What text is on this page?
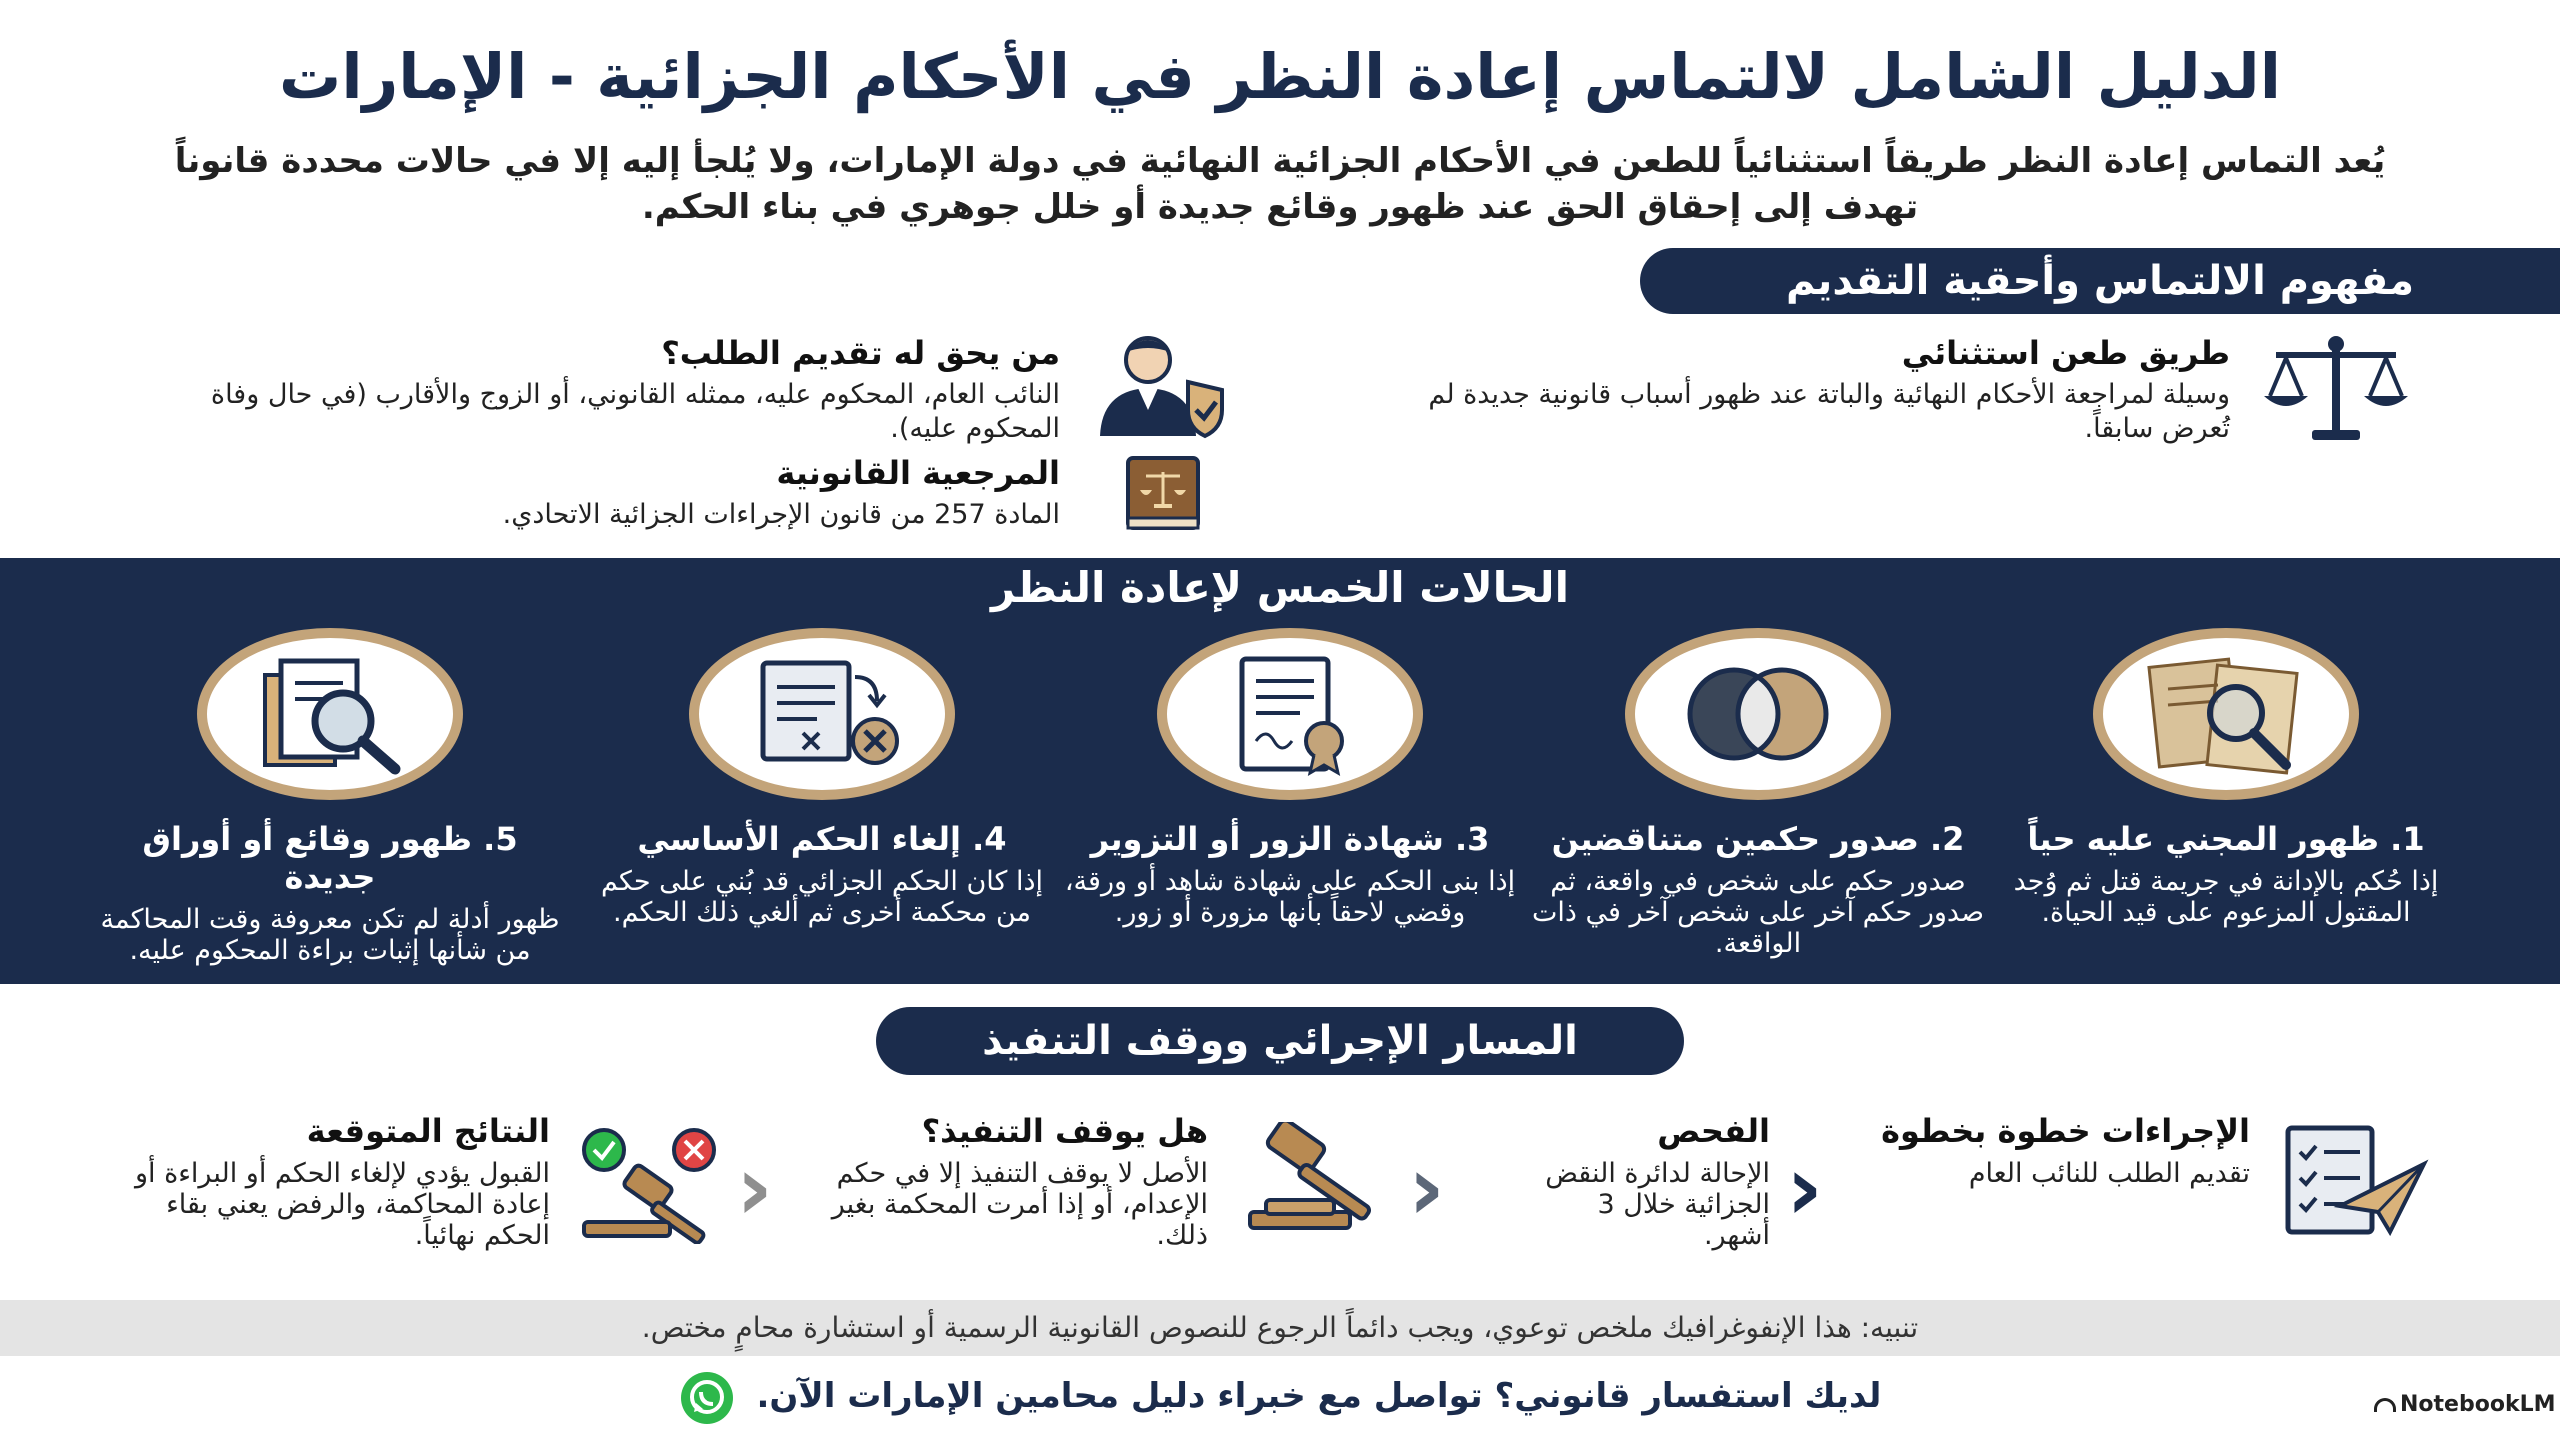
الدليل الشامل لالتماس إعادة النظر في الأحكام الجزائية - الإمارات

يُعد التماس إعادة النظر طريقاً استثنائياً للطعن في الأحكام الجزائية النهائية في دولة الإمارات، ولا يُلجأ إليه إلا في حالات محددة قانوناً تهدف إلى إحقاق الحق عند ظهور وقائع جديدة أو خلل جوهري في بناء الحكم.

مفهوم الالتماس وأحقية التقديم
طريق طعن استثنائي
وسيلة لمراجعة الأحكام النهائية والباتة عند ظهور أسباب قانونية جديدة لم تُعرض سابقاً.
من يحق له تقديم الطلب؟
النائب العام، المحكوم عليه، ممثله القانوني، أو الزوج والأقارب (في حال وفاة المحكوم عليه).
المرجعية القانونية
المادة 257 من قانون الإجراءات الجزائية الاتحادي.
الحالات الخمس لإعادة النظر
1. ظهور المجني عليه حياً
إذا حُكم بالإدانة في جريمة قتل ثم وُجد المقتول المزعوم على قيد الحياة.
2. صدور حكمين متناقضين
صدور حكم على شخص في واقعة، ثم صدور حكم آخر على شخص آخر في ذات الواقعة.
3. شهادة الزور أو التزوير
إذا بنى الحكم على شهادة شاهد أو ورقة، وقضي لاحقاً بأنها مزورة أو زور.
4. إلغاء الحكم الأساسي
إذا كان الحكم الجزائي قد بُني على حكم من محكمة أخرى ثم ألغي ذلك الحكم.
5. ظهور وقائع أو أوراق جديدة
ظهور أدلة لم تكن معروفة وقت المحاكمة من شأنها إثبات براءة المحكوم عليه.
المسار الإجرائي ووقف التنفيذ
الإجراءات خطوة بخطوة
تقديم الطلب للنائب العام
‹
الفحص
الإحالة لدائرة النقض الجزائية خلال 3 أشهر.
‹
هل يوقف التنفيذ؟
الأصل لا يوقف التنفيذ إلا في حكم الإعدام، أو إذا أمرت المحكمة بغير ذلك.
‹
النتائج المتوقعة
القبول يؤدي لإلغاء الحكم أو البراءة أو إعادة المحاكمة، والرفض يعني بقاء الحكم نهائياً.
تنبيه: هذا الإنفوغرافيك ملخص توعوي، ويجب دائماً الرجوع للنصوص القانونية الرسمية أو استشارة محامٍ مختص.
لديك استفسار قانوني؟ تواصل مع خبراء دليل محامين الإمارات الآن.	NotebookLM
